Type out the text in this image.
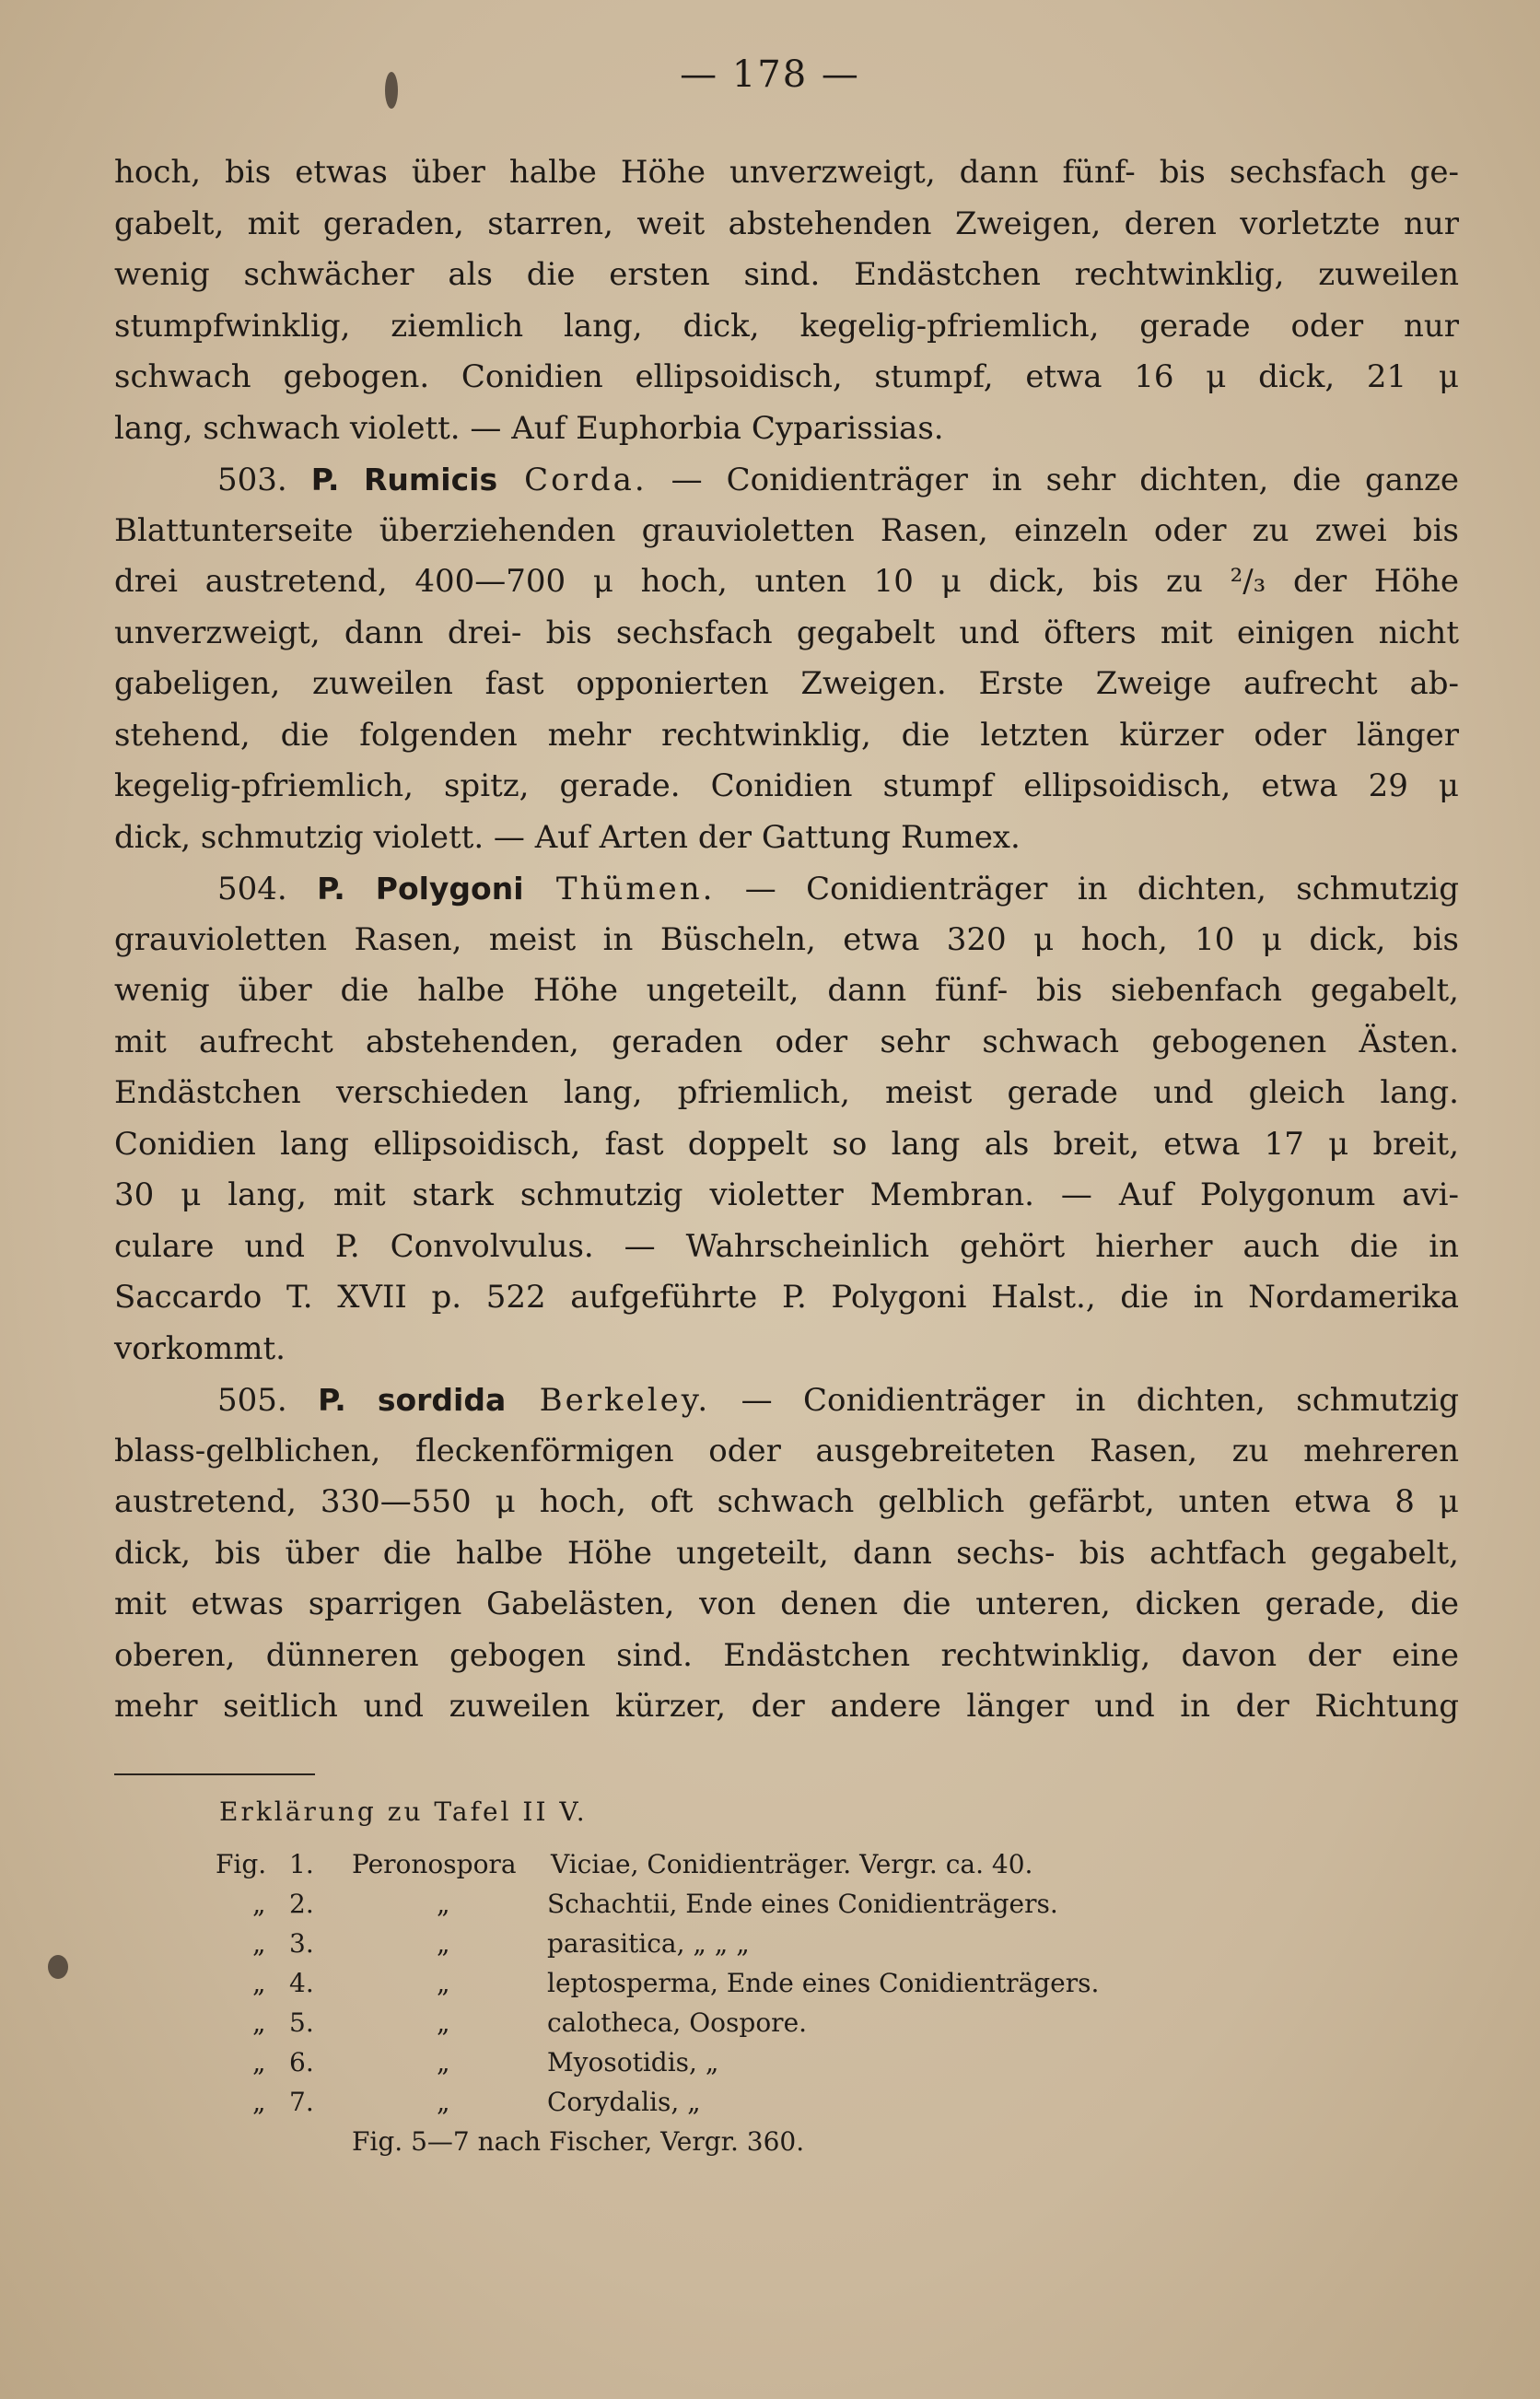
— 178 —
hoch, bis etwas über halbe Höhe unverzweigt, dann fünf- bis sechsfach ge-
gabelt, mit geraden, starren, weit abstehenden Zweigen, deren vorletzte nur
wenig schwächer als die ersten sind. Endästchen rechtwinklig, zuweilen
stumpfwinklig, ziemlich lang, dick, kegelig-pfriemlich, gerade oder nur
schwach gebogen. Conidien ellipsoidisch, stumpf, etwa 16 μ dick, 21 μ
lang, schwach violett. — Auf Euphorbia Cyparissias.
503. P. Rumicis Corda. — Conidienträger in sehr dichten, die ganze
Blattunterseite überziehenden grauvioletten Rasen, einzeln oder zu zwei bis
drei austretend, 400—700 μ hoch, unten 10 μ dick, bis zu ²/₃ der Höhe
unverzweigt, dann drei- bis sechsfach gegabelt und öfters mit einigen nicht
gabeligen, zuweilen fast opponierten Zweigen. Erste Zweige aufrecht ab-
stehend, die folgenden mehr rechtwinklig, die letzten kürzer oder länger
kegelig-pfriemlich, spitz, gerade. Conidien stumpf ellipsoidisch, etwa 29 μ
dick, schmutzig violett. — Auf Arten der Gattung Rumex.
504. P. Polygoni Thümen. — Conidienträger in dichten, schmutzig
grauvioletten Rasen, meist in Büscheln, etwa 320 μ hoch, 10 μ dick, bis
wenig über die halbe Höhe ungeteilt, dann fünf- bis siebenfach gegabelt,
mit aufrecht abstehenden, geraden oder sehr schwach gebogenen Ästen.
Endästchen verschieden lang, pfriemlich, meist gerade und gleich lang.
Conidien lang ellipsoidisch, fast doppelt so lang als breit, etwa 17 μ breit,
30 μ lang, mit stark schmutzig violetter Membran. — Auf Polygonum avi-
culare und P. Convolvulus. — Wahrscheinlich gehört hierher auch die in
Saccardo T. XVII p. 522 aufgeführte P. Polygoni Halst., die in Nordamerika
vorkommt.
505. P. sordida Berkeley. — Conidienträger in dichten, schmutzig
blass-gelblichen, fleckenförmigen oder ausgebreiteten Rasen, zu mehreren
austretend, 330—550 μ hoch, oft schwach gelblich gefärbt, unten etwa 8 μ
dick, bis über die halbe Höhe ungeteilt, dann sechs- bis achtfach gegabelt,
mit etwas sparrigen Gabelästen, von denen die unteren, dicken gerade, die
oberen, dünneren gebogen sind. Endästchen rechtwinklig, davon der eine
mehr seitlich und zuweilen kürzer, der andere länger und in der Richtung
Erklärung zu Tafel II V.
Fig. 1.	Peronospora Viciae, Conidienträger. Vergr. ca. 40.
„ 2.	„	Schachtii, Ende eines Conidienträgers.
„ 3.	„	parasitica, „ „ „
„ 4.	„	leptosperma, Ende eines Conidienträgers.
„ 5.	„	calotheca, Oospore.
„ 6.	„	Myosotidis, „
„ 7.	„	Corydalis, „
Fig. 5—7 nach Fischer, Vergr. 360.
